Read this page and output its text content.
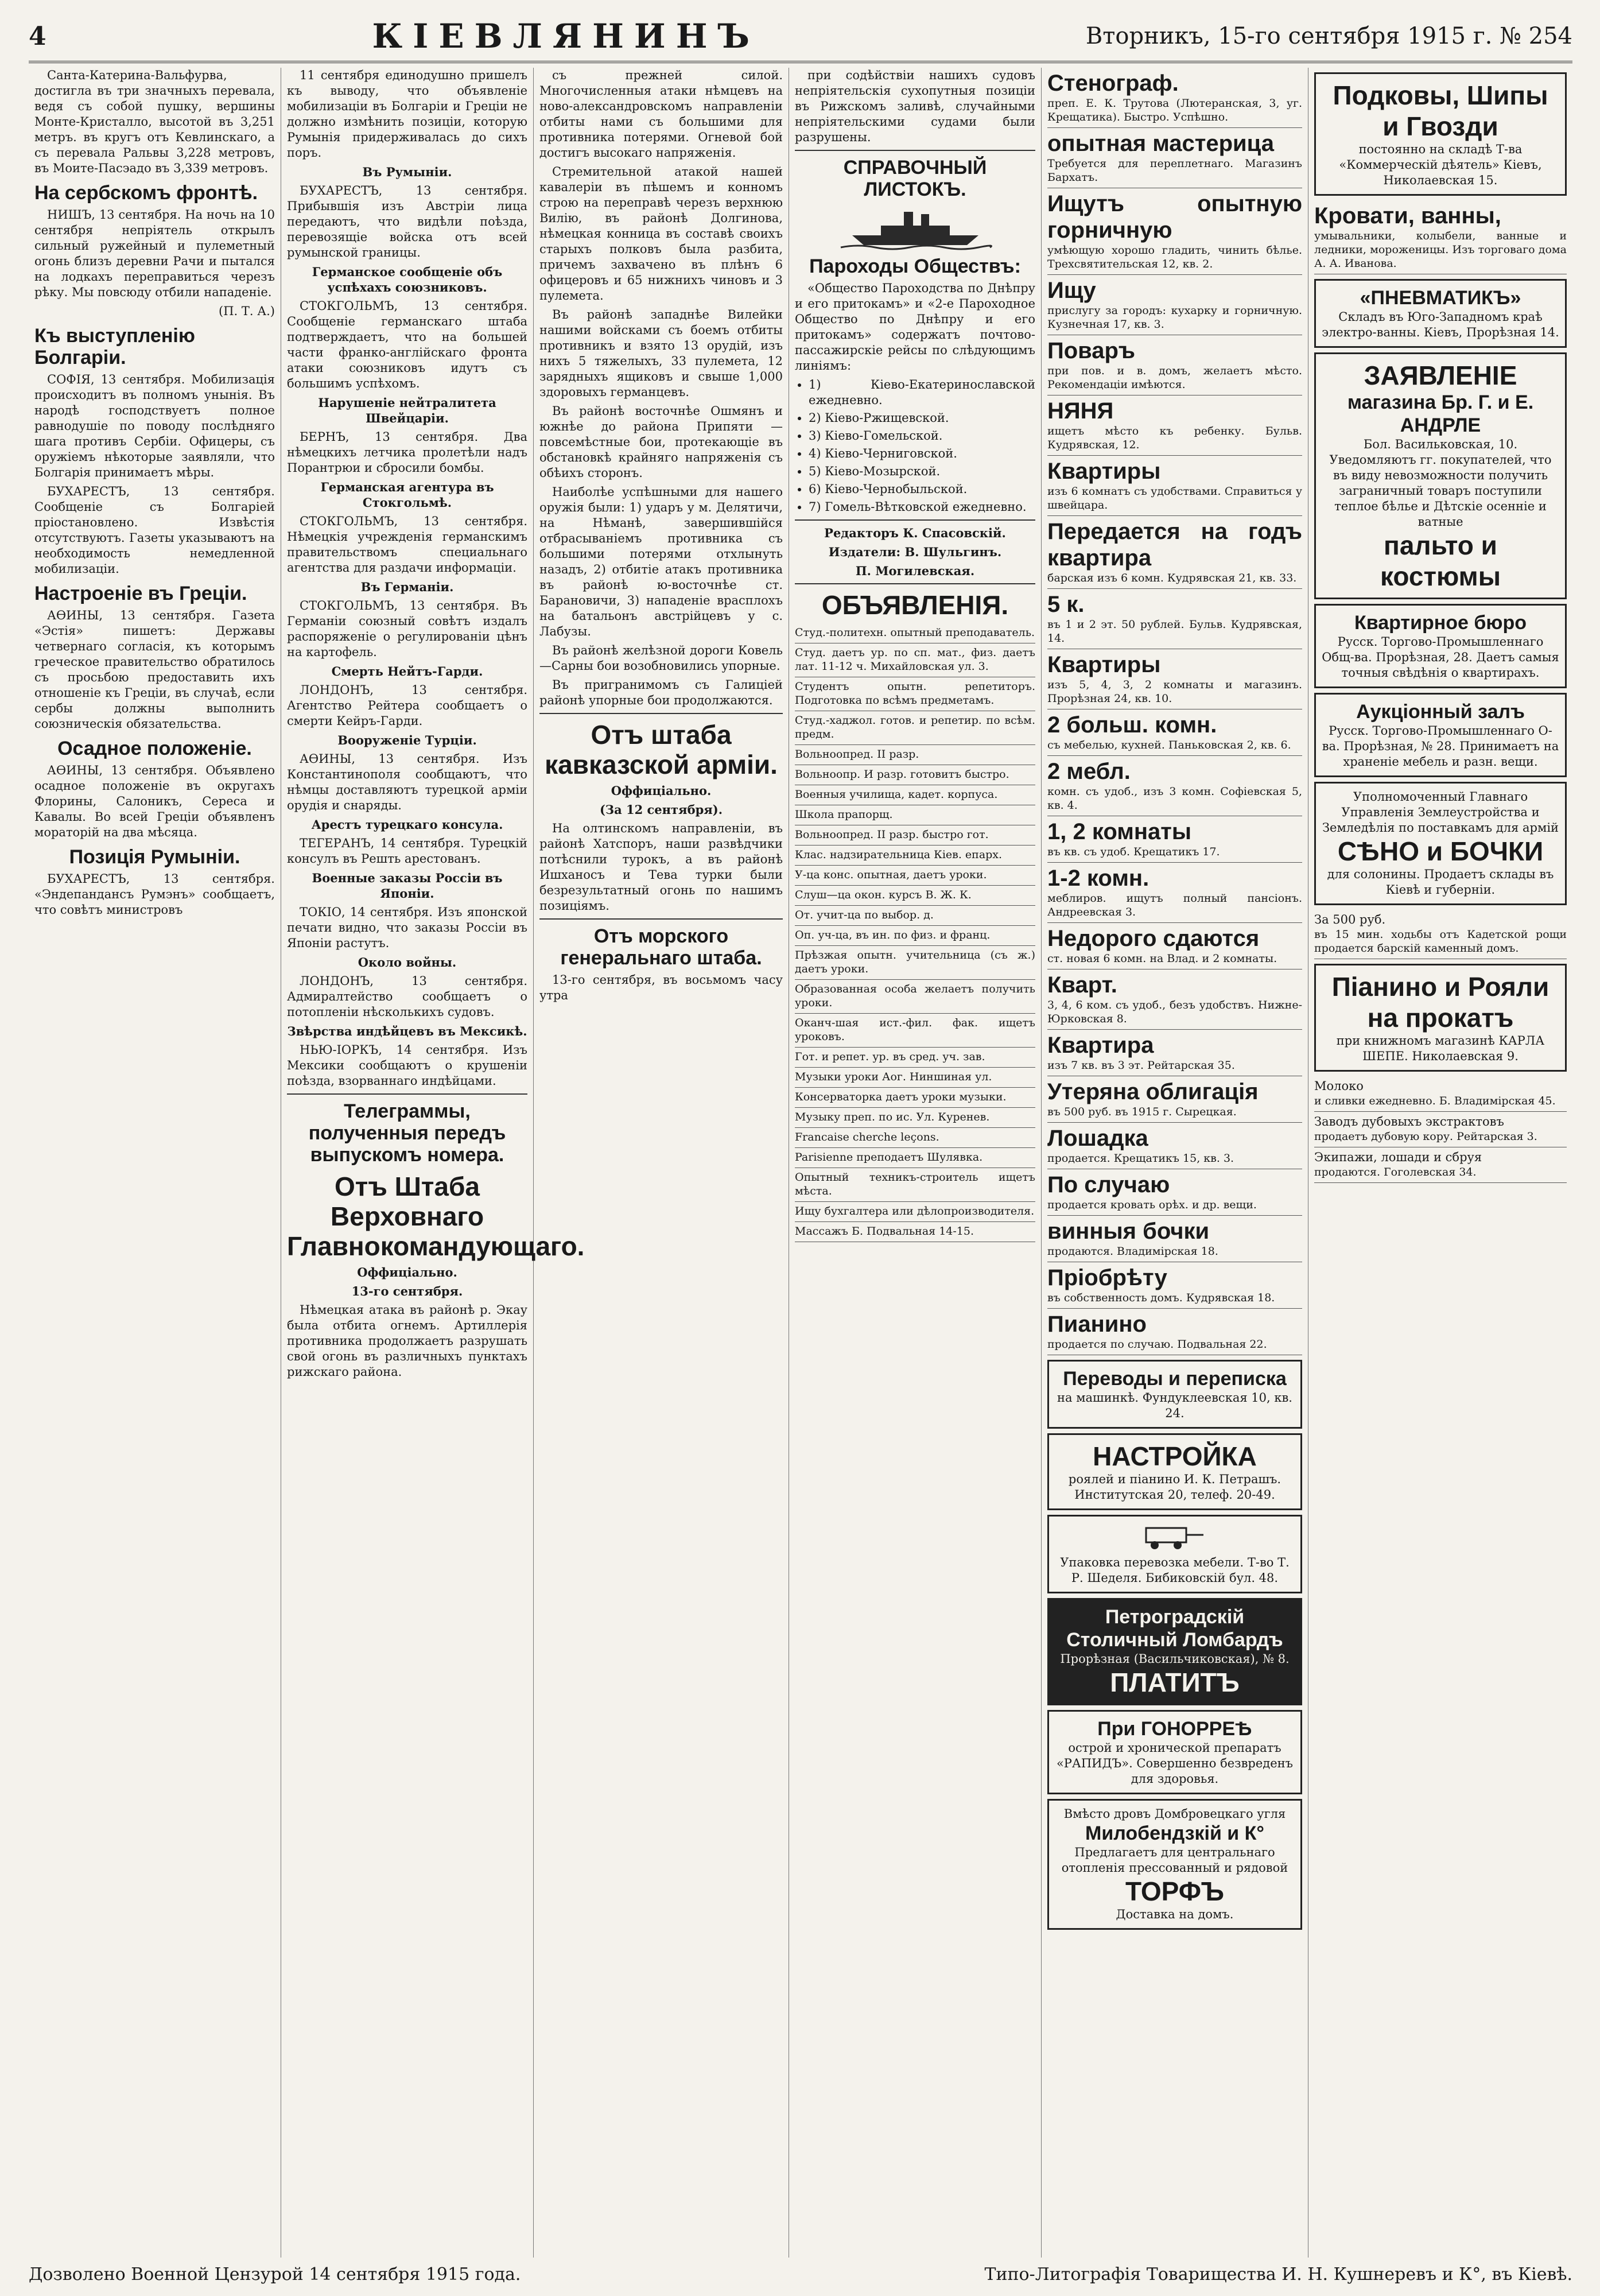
4	КІЕВЛЯНИНЪ	Вторникъ, 15-го сентября 1915 г. № 254

Санта-Катерина-Вальфурва, достигла въ три значныхъ перевала, ведя съ собой пушку, вершины Монте-Кристалло, высотой въ 3,251 метръ. въ кругъ отъ Кевлинскаго, а съ перевала Ральвы 3,228 метровъ, въ Моите-Пасэадо въ 3,339 метровъ.

На сербскомъ фронтѣ.

НИШЪ, 13 сентября. На ночь на 10 сентября непріятель открылъ сильный ружейный и пулеметный огонь близъ деревни Рачи и пытался на лодкахъ переправиться черезъ рѣку. Мы повсюду отбили нападеніе.

(П. Т. А.)
Къ выступленію Болгаріи.

СОФІЯ, 13 сентября. Мобилизація происходитъ въ полномъ унынія. Въ народѣ господствуетъ полное равнодушіе по поводу послѣдняго шага противъ Сербіи. Офицеры, съ оружіемъ нѣкоторые заявляли, что Болгарія принимаетъ мѣры.

БУХАРЕСТЪ, 13 сентября. Сообщеніе съ Болгаріей пріостановлено. Извѣстія отсутствуютъ. Газеты указываютъ на необходимость немедленной мобилизаціи.

Настроеніе въ Греціи.

АѲИНЫ, 13 сентября. Газета «Эстія» пишетъ: Державы четвернаго согласія, къ которымъ греческое правительство обратилось съ просьбою предоставить ихъ отношеніе къ Греціи, въ случаѣ, если сербы должны выполнить союзническія обязательства.

Осадное положеніе.

АѲИНЫ, 13 сентября. Объявлено осадное положеніе въ округахъ Флорины, Салоникъ, Сереса и Кавалы. Во всей Греціи объявленъ мораторій на два мѣсяца.

Позиція Румыніи.

БУХАРЕСТЪ, 13 сентября. «Эндепандансъ Румэнъ» сообщаетъ, что совѣтъ министровъ

11 сентября единодушно пришелъ къ выводу, что объявленіе мобилизаціи въ Болгаріи и Греціи не должно измѣнить позиціи, которую Румынія придерживалась до сихъ поръ.

Въ Румыніи.

БУХАРЕСТЪ, 13 сентября. Прибывшія изъ Австріи лица передаютъ, что видѣли поѣзда, перевозящіе войска отъ всей румынской границы.

Германское сообщеніе объ успѣхахъ союзниковъ.

СТОКГОЛЬМЪ, 13 сентября. Сообщеніе германскаго штаба подтверждаетъ, что на большей части франко-англійскаго фронта атаки союзниковъ идутъ съ большимъ успѣхомъ.

Нарушеніе нейтралитета Швейцаріи.

БЕРНЪ, 13 сентября. Два нѣмецкихъ летчика пролетѣли надъ Порантрюи и сбросили бомбы.

Германская агентура въ Стокгольмѣ.

СТОКГОЛЬМЪ, 13 сентября. Нѣмецкія учрежденія германскимъ правительствомъ специальнаго агентства для раздачи информаціи.

Въ Германіи.

СТОКГОЛЬМЪ, 13 сентября. Въ Германіи союзный совѣтъ издалъ распоряженіе о регулированіи цѣнъ на картофель.

Смерть Нейтъ-Гарди.

ЛОНДОНЪ, 13 сентября. Агентство Рейтера сообщаетъ о смерти Кейръ-Гарди.

Вооруженіе Турціи.

АѲИНЫ, 13 сентября. Изъ Константинополя сообщаютъ, что нѣмцы доставляютъ турецкой арміи орудія и снаряды.

Арестъ турецкаго консула.

ТЕГЕРАНЪ, 14 сентября. Турецкій консулъ въ Решть арестованъ.

Военные заказы Россіи въ Японіи.

ТОКІО, 14 сентября. Изъ японской печати видно, что заказы Россіи въ Японіи растутъ.

Около войны.

ЛОНДОНЪ, 13 сентября. Адмиралтейство сообщаетъ о потопленіи нѣсколькихъ судовъ.

Звѣрства индѣйцевъ въ Мексикѣ.

НЬЮ-ІОРКЪ, 14 сентября. Изъ Мексики сообщаютъ о крушеніи поѣзда, взорваннаго индѣйцами.

Телеграммы, полученныя передъ выпускомъ номера.
Отъ Штаба Верховнаго Главнокомандующаго.
Оффиціально.
13-го сентября.

Нѣмецкая атака въ районѣ р. Экау была отбита огнемъ. Артиллерія противника продолжаетъ разрушать свой огонь въ различныхъ пунктахъ рижскаго района.

съ прежней силой. Многочисленныя атаки нѣмцевъ на ново-александровскомъ направленіи отбиты нами съ большими для противника потерями. Огневой бой достигъ высокаго напряженія.

Стремительной атакой нашей кавалеріи въ пѣшемъ и конномъ строю на переправѣ черезъ верхнюю Вилію, въ районѣ Долгинова, нѣмецкая конница въ составѣ своихъ старыхъ полковъ была разбита, причемъ захвачено въ плѣнъ 6 офицеровъ и 65 нижнихъ чиновъ и 3 пулемета.

Въ районѣ западнѣе Вилейки нашими войсками съ боемъ отбиты противникъ и взято 13 орудій, изъ нихъ 5 тяжелыхъ, 33 пулемета, 12 зарядныхъ ящиковъ и свыше 1,000 здоровыхъ германцевъ.

Въ районѣ восточнѣе Ошмянъ и южнѣе до района Припяти — повсемѣстные бои, протекающіе въ обстановкѣ крайняго напряженія съ обѣихъ сторонъ.

Наиболѣе успѣшными для нашего оружія были: 1) ударъ у м. Делятичи, на Нѣманѣ, завершившійся отбрасываніемъ противника съ большими потерями отхлынуть назадъ, 2) отбитіе атакъ противника въ районѣ ю-восточнѣе ст. Барановичи, 3) нападеніе врасплохъ на батальонъ австрійцевъ у с. Лабузы.

Въ районѣ желѣзной дороги Ковель—Сарны бои возобновились упорные.

Въ пригранимомъ съ Галиціей районѣ упорные бои продолжаются.

Отъ штаба кавказской арміи.
Оффиціально.
(За 12 сентября).

На олтинскомъ направленіи, въ районѣ Хатспоръ, наши развѣдчики потѣснили турокъ, а въ районѣ Ишханосъ и Тева турки были безрезультатный огонь по нашимъ позиціямъ.

Отъ морского генеральнаго штаба.

13-го сентября, въ восьмомъ часу утра

при содѣйствіи нашихъ судовъ непріятельскія сухопутныя позиціи въ Рижскомъ заливѣ, случайными непріятельскими судами были разрушены.

СПРАВОЧНЫЙ ЛИСТОКЪ.
Пароходы Обществъ:

«Общество Пароходства по Днѣпру и его притокамъ» и «2-е Пароходное Общество по Днѣпру и его притокамъ» содержатъ почтово-пассажирскіе рейсы по слѣдующимъ линіямъ:

• 1) Кіево-Екатеринославской ежедневно.
• 2) Кіево-Ржищевской.
• 3) Кіево-Гомельской.
• 4) Кіево-Черниговской.
• 5) Кіево-Мозырской.
• 6) Кіево-Чернобыльской.
• 7) Гомель-Вѣтковской ежедневно.
Редакторъ К. Спасовскій.
Издатели: В. Шульгинъ.
П. Могилевская.
ОБЪЯВЛЕНІЯ.
Студ.-политехн. опытный преподаватель.
Студ. даетъ ур. по сп. мат., физ. даетъ лат. 11-12 ч. Михайловская ул. 3.
Студентъ опытн. репетиторъ. Подготовка по всѣмъ предметамъ.
Студ.-хаджол. готов. и репетир. по всѣм. предм.
Вольноопред. II разр.
Вольноопр. И разр. готовитъ быстро.
Военныя училища, кадет. корпуса.
Школа прапорщ.
Вольноопред. II разр. быстро гот.
Клас. надзирательница Кіев. епарх.
У-ца конс. опытная, даетъ уроки.
Слуш—ца окон. курсъ В. Ж. К.
От. учит-ца по выбор. д.
Оп. уч-ца, въ ин. по физ. и франц.
Прѣзжая опытн. учительница (съ ж.) даетъ уроки.
Образованная особа желаетъ получить уроки.
Оканч-шая ист.-фил. фак. ищетъ уроковъ.
Гот. и репет. ур. въ сред. уч. зав.
Музыки уроки Аог. Ниншиная ул.
Консерваторка даетъ уроки музыки.
Музыку преп. по ис. Ул. Куренев.
Francaise cherche leçons.
Parisienne преподаетъ Шулявка.
Опытный техникъ-строитель ищетъ мѣста.
Ищу бухгалтера или дѣлопроизводителя.
Массажъ Б. Подвальная 14-15.
Стенограф.
преп. Е. К. Трутова (Лютеранская, 3, уг. Крещатика). Быстро. Успѣшно.
опытная мастерица
Требуется для переплетнаго. Магазинъ Бархатъ.
Ищутъ опытную горничную
умѣющую хорошо гладить, чинить бѣлье. Трехсвятительская 12, кв. 2.
Ищу
прислугу за городъ: кухарку и горничную. Кузнечная 17, кв. 3.
Поваръ
при пов. и в. домъ, желаетъ мѣсто. Рекомендаціи имѣются.
НЯНЯ
ищетъ мѣсто къ ребенку. Бульв. Кудрявская, 12.
Квартиры
изъ 6 комнатъ съ удобствами. Справиться у швейцара.
Передается на годъ квартира
барская изъ 6 комн. Кудрявская 21, кв. 33.
5 к.
въ 1 и 2 эт. 50 рублей. Бульв. Кудрявская, 14.
Квартиры
изъ 5, 4, 3, 2 комнаты и магазинъ. Прорѣзная 24, кв. 10.
2 больш. комн.
съ мебелью, кухней. Паньковская 2, кв. 6.
2 мебл.
комн. съ удоб., изъ 3 комн. Софіевская 5, кв. 4.
1, 2 комнаты
въ кв. съ удоб. Крещатикъ 17.
1-2 комн.
меблиров. ищутъ полный пансіонъ. Андреевская 3.
Недорого сдаются
ст. новая 6 комн. на Влад. и 2 комнаты.
Кварт.
3, 4, 6 ком. съ удоб., безъ удобствъ. Нижне-Юрковская 8.
Квартира
изъ 7 кв. въ 3 эт. Рейтарская 35.
Утеряна облигація
въ 500 руб. въ 1915 г. Сырецкая.
Лошадка
продается. Крещатикъ 15, кв. 3.
По случаю
продается кровать орѣх. и др. вещи.
винныя бочки
продаются. Владимірская 18.
Пріобрѣту
въ собственность домъ. Кудрявская 18.
Пианино
продается по случаю. Подвальная 22.
Переводы и переписка
на машинкѣ. Фундуклеевская 10, кв. 24.
НАСТРОЙКА
роялей и піанино И. К. Петрашъ. Институтская 20, телеф. 20-49.
Упаковка перевозка мебели. Т-во Т. Р. Шеделя. Бибиковскій бул. 48.
Петроградскій Столичный Ломбардъ
Прорѣзная (Васильчиковская), № 8.
ПЛАТИТЪ
При ГОНОРРЕѢ
острой и хронической препаратъ «РАПИДЪ». Совершенно безвреденъ для здоровья.
Вмѣсто дровъ Домбровецкаго угля
Милобендзкій и К°
Предлагаетъ для центральнаго отопленія прессованный и рядовой
ТОРФЪ
Доставка на домъ.
Подковы, Шипы и Гвозди
постоянно на складѣ Т-ва «Коммерческій дѣятель» Кіевъ, Николаевская 15.
Кровати, ванны,
умывальники, колыбели, ванные и ледники, мороженицы. Изъ торговаго дома А. А. Иванова.
«ПНЕВМАТИКЪ»
Складъ въ Юго-Западномъ краѣ электро-ванны. Кіевъ, Прорѣзная 14.
ЗАЯВЛЕНІЕ
магазина Бр. Г. и Е. АНДРЛЕ
Бол. Васильковская, 10. Уведомляютъ гг. покупателей, что въ виду невозможности получить заграничный товаръ поступили теплое бѣлье и Дѣтскіе осенніе и ватные
пальто и костюмы
Квартирное бюро
Русск. Торгово-Промышленнаго Общ-ва. Прорѣзная, 28. Даетъ самыя точныя свѣдѣнія о квартирахъ.
Аукціонный залъ
Русск. Торгово-Промышленнаго О-ва. Прорѣзная, № 28. Принимаетъ на храненіе мебель и разн. вещи.
Уполномоченный Главнаго Управленія Землеустройства и Земледѣлія по поставкамъ для армій
СѢНО и БОЧКИ
для солонины. Продаетъ склады въ Кіевѣ и губерніи.
За 500 руб.
въ 15 мин. ходьбы отъ Кадетской рощи продается барскій каменный домъ.
Піанино и Рояли на прокатъ
при книжномъ магазинѣ КАРЛА ШЕПЕ. Николаевская 9.
Молоко
и сливки ежедневно. Б. Владимірская 45.
Заводъ дубовыхъ экстрактовъ
продаетъ дубовую кору. Рейтарская 3.
Экипажи, лошади и сбруя
продаются. Гоголевская 34.
Дозволено Военной Цензурой 14 сентября 1915 года.	Типо-Литографія Товарищества И. Н. Кушнеревъ и К°, въ Кіевѣ.
